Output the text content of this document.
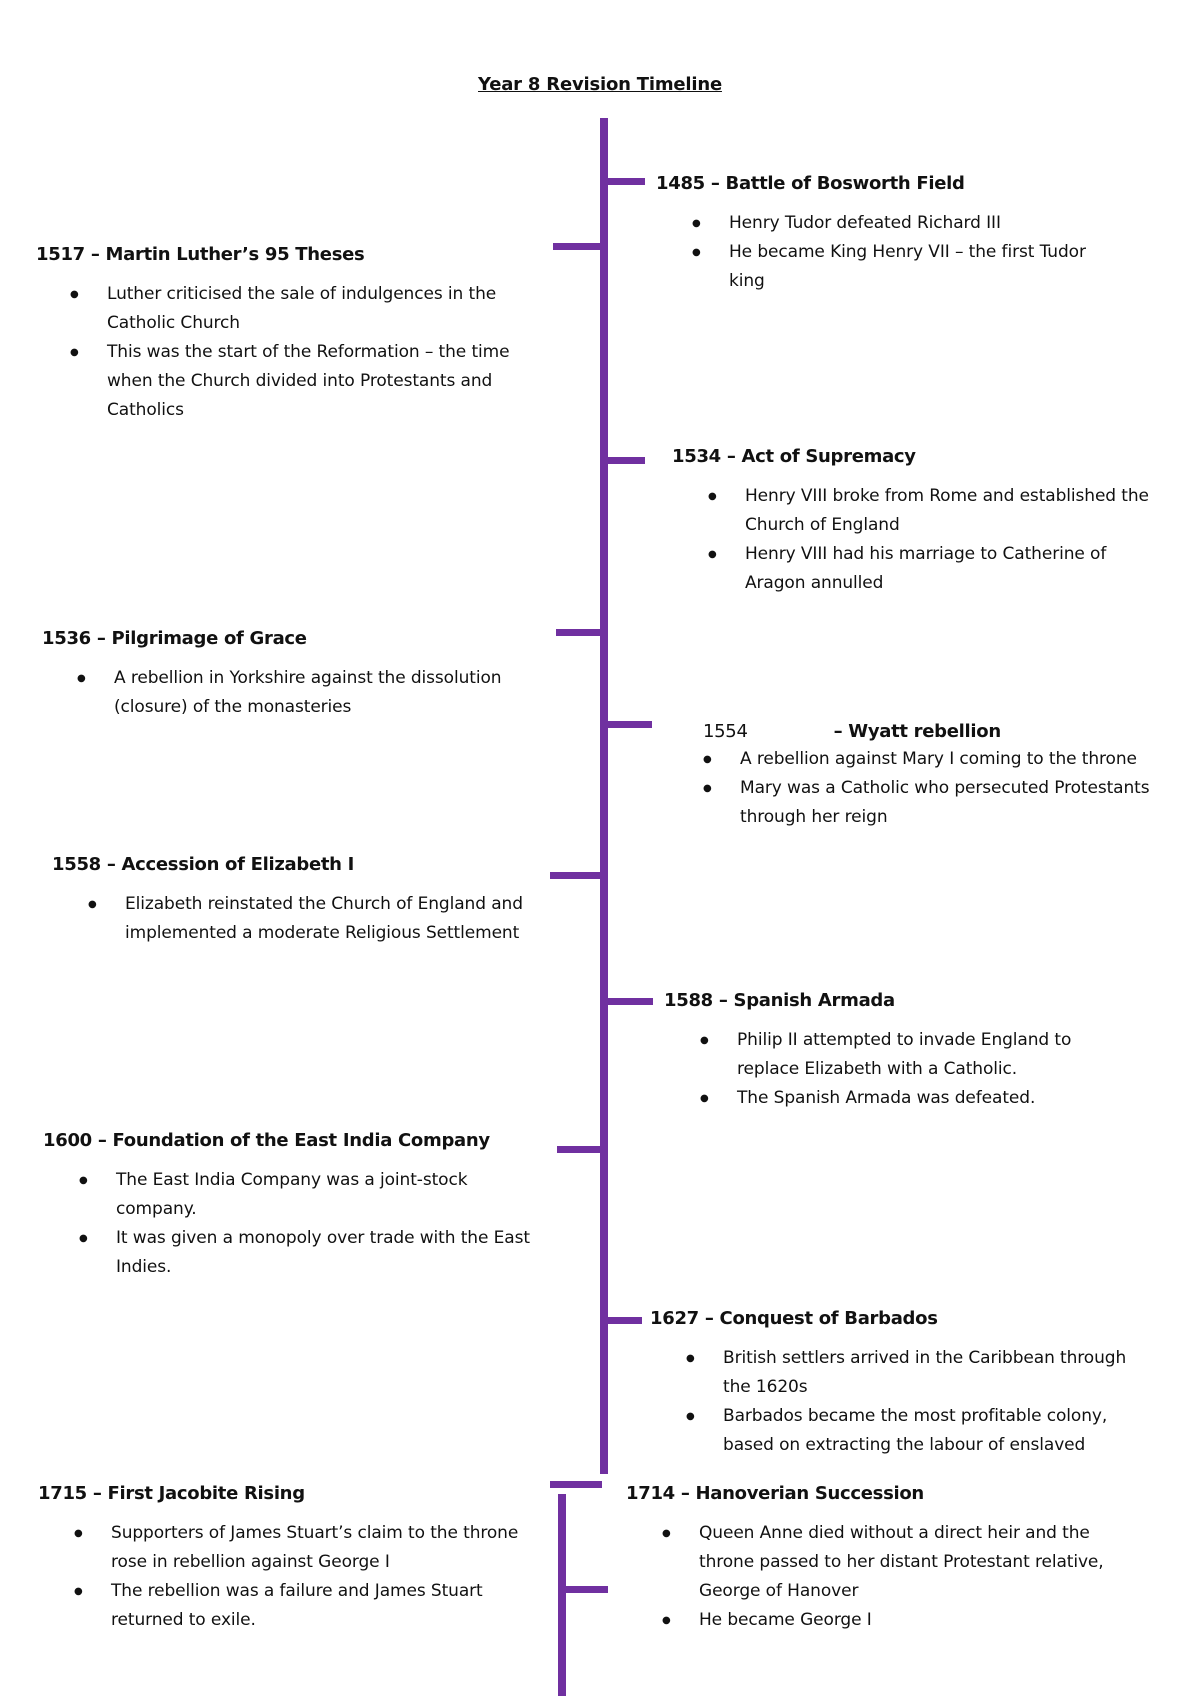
Year 8 Revision Timeline
1485 – Battle of Bosworth Field
● Henry Tudor defeated Richard III
● He became King Henry VII – the first Tudor king
1517 – Martin Luther’s 95 Theses
● Luther criticised the sale of indulgences in the Catholic Church
● This was the start of the Reformation – the time when the Church divided into Protestants and Catholics
1534 – Act of Supremacy
● Henry VIII broke from Rome and established the Church of England
● Henry VIII had his marriage to Catherine of Aragon annulled
1536 – Pilgrimage of Grace
● A rebellion in Yorkshire against the dissolution (closure) of the monasteries
1554	– Wyatt rebellion
● A rebellion against Mary I coming to the throne
● Mary was a Catholic who persecuted Protestants through her reign
1558 – Accession of Elizabeth I
● Elizabeth reinstated the Church of England and implemented a moderate Religious Settlement
1588 – Spanish Armada
● Philip II attempted to invade England to replace Elizabeth with a Catholic.
● The Spanish Armada was defeated.
1600 – Foundation of the East India Company
● The East India Company was a joint-stock company.
● It was given a monopoly over trade with the East Indies.
1627 – Conquest of Barbados
● British settlers arrived in the Caribbean through the 1620s
● Barbados became the most profitable colony, based on extracting the labour of enslaved
1715 – First Jacobite Rising
● Supporters of James Stuart’s claim to the throne rose in rebellion against George I
● The rebellion was a failure and James Stuart returned to exile.
1714 – Hanoverian Succession
● Queen Anne died without a direct heir and the throne passed to her distant Protestant relative, George of Hanover
● He became George I
